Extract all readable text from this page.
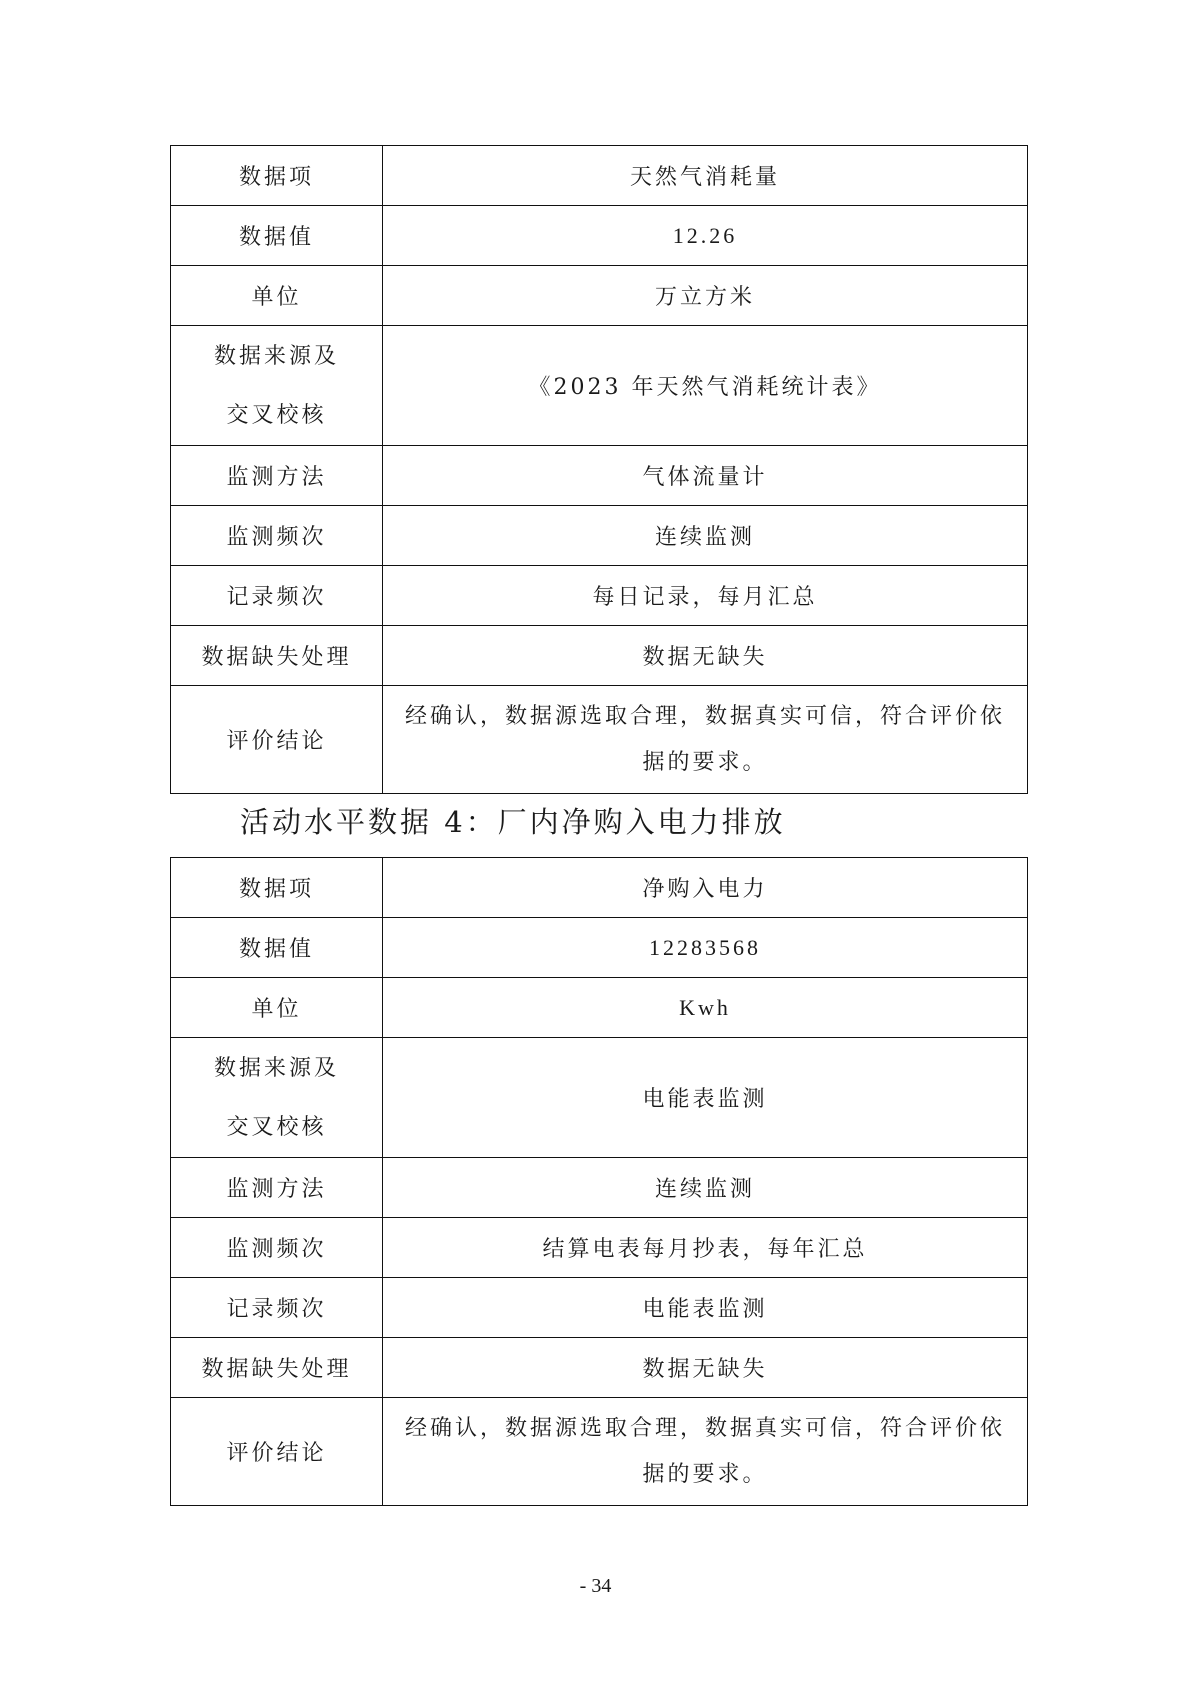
数据项	天然气消耗量
数据值	12.26
单位	万立方米

数据来源及
交叉校核	《2023 年天然气消耗统计表》
监测方法	气体流量计
监测频次	连续监测
记录频次	每日记录，每月汇总
数据缺失处理	数据无缺失
评价结论	经确认，数据源选取合理，数据真实可信，符合评价依据的要求。
活动水平数据 4：厂内净购入电力排放
数据项	净购入电力
数据值	12283568
单位	Kwh

数据来源及
交叉校核	电能表监测
监测方法	连续监测
监测频次	结算电表每月抄表，每年汇总
记录频次	电能表监测
数据缺失处理	数据无缺失
评价结论	经确认，数据源选取合理，数据真实可信，符合评价依据的要求。
- 34
